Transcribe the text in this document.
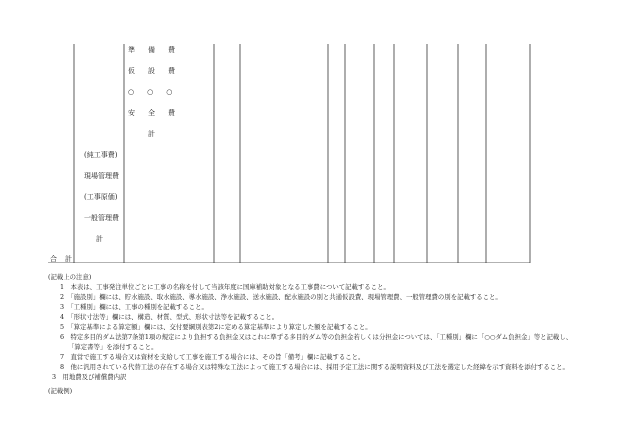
準備費
仮設費
○○○
安全費
計
(純工事費)
現場管理費
(工事原価)
一般管理費
計
合 計
(記載上の注意)
1　本表は、工事発注単位ごとに工事の名称を付して当該年度に国庫補助対象となる工事費について記載すること。
2　「施設別」欄には、貯水施設、取水施設、導水施設、浄水施設、送水施設、配水施設の別と共通仮設費、現場管理費、一般管理費の別を記載すること。
3　「工種別」欄には、工事の種別を記載すること。
4　「形状寸法等」欄には、構造、材質、型式、形状寸法等を記載すること。
5　「算定基準による算定額」欄には、交付要綱別表第2に定める算定基準により算定した額を記載すること。
6　特定多目的ダム法第7条第1項の規定により負担する負担金又はこれに準ずる多目的ダム等の負担金若しくは分担金については、「工種別」欄に「○○ダム負担金」等と記載し、
「算定書等」を添付すること。
7　直営で施工する場合又は資材を支給して工事を施工する場合には、その旨「備考」欄に記載すること。
8　他に汎用されている代替工法の存在する場合又は特殊な工法によって施工する場合には、採用予定工法に関する説明資料及び工法を選定した経緯を示す資料を添付すること。
3　用地費及び補償費内訳
(記載例)
